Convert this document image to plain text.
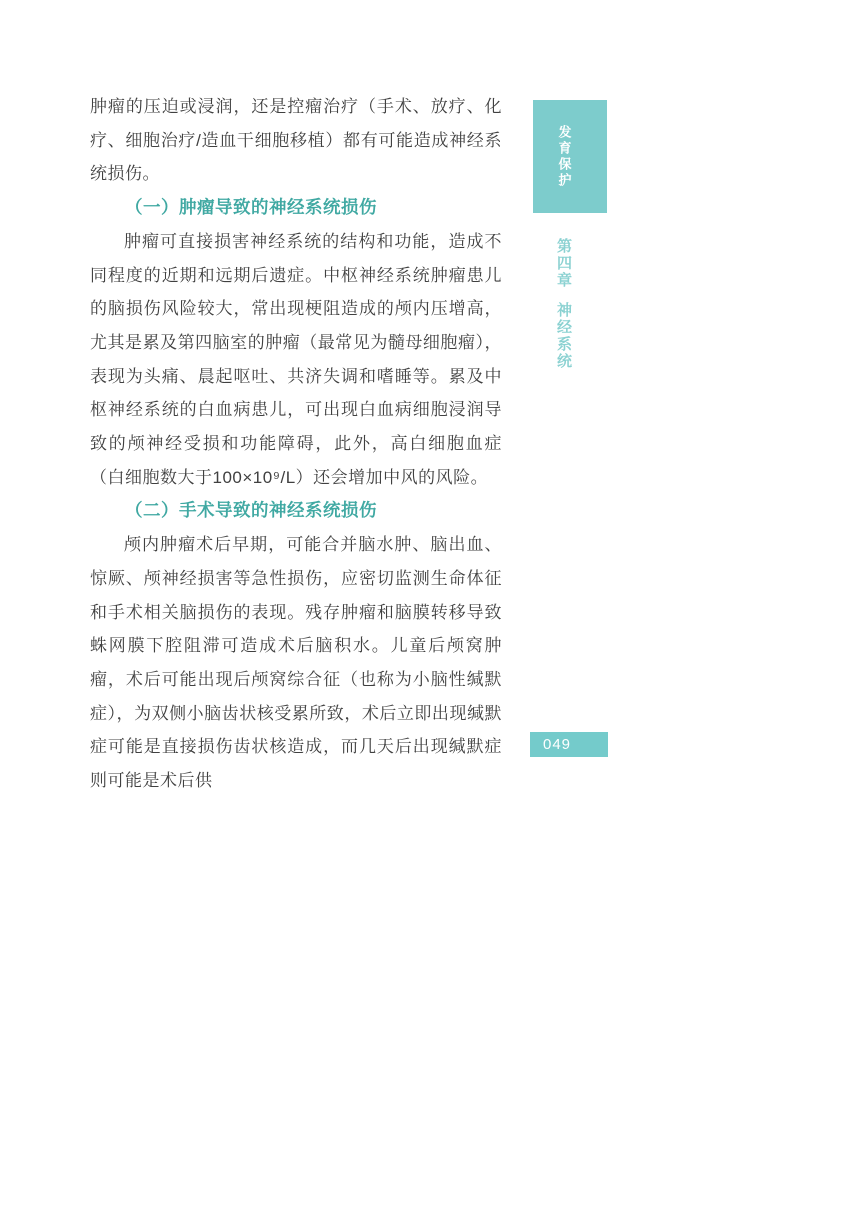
肿瘤的压迫或浸润，还是控瘤治疗（手术、放疗、化疗、细胞治疗/造血干细胞移植）都有可能造成神经系统损伤。

（一）肿瘤导致的神经系统损伤

肿瘤可直接损害神经系统的结构和功能，造成不同程度的近期和远期后遗症。中枢神经系统肿瘤患儿的脑损伤风险较大，常出现梗阻造成的颅内压增高，尤其是累及第四脑室的肿瘤（最常见为髓母细胞瘤），表现为头痛、晨起呕吐、共济失调和嗜睡等。累及中枢神经系统的白血病患儿，可出现白血病细胞浸润导致的颅神经受损和功能障碍，此外，高白细胞血症（白细胞数大于100×10⁹/L）还会增加中风的风险。

（二）手术导致的神经系统损伤

颅内肿瘤术后早期，可能合并脑水肿、脑出血、惊厥、颅神经损害等急性损伤，应密切监测生命体征和手术相关脑损伤的表现。残存肿瘤和脑膜转移导致蛛网膜下腔阻滞可造成术后脑积水。儿童后颅窝肿瘤，术后可能出现后颅窝综合征（也称为小脑性缄默症），为双侧小脑齿状核受累所致，术后立即出现缄默症可能是直接损伤齿状核造成，而几天后出现缄默症则可能是术后供

发育保护
第四章
神经系统
049
